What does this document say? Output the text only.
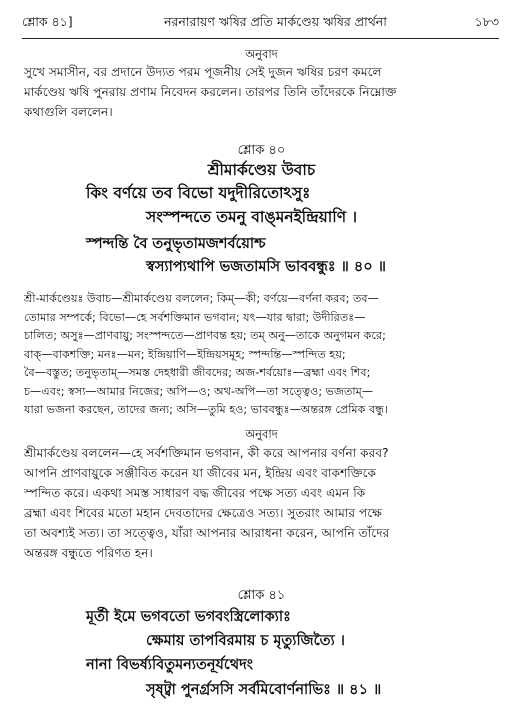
শ্লোক ৪১]	নরনারায়ণ ঋষির প্রতি মার্কণ্ডেয় ঋষির প্রার্থনা	১৮৩
অনুবাদ
সুখে সমাসীন, বর প্রদানে উদ্যত পরম পূজনীয় সেই দুজন ঋষির চরণ কমলে
মার্কণ্ডেয় ঋষি পুনরায় প্রণাম নিবেদন করলেন। তারপর তিনি তাঁদেরকে নিম্নোক্ত
কথাগুলি বললেন।
শ্লোক ৪০
শ্রীমার্কণ্ডেয় উবাচ
কিং বর্ণয়ে তব বিভো যদুদীরিতোঽসুঃ
সংস্পন্দতে তমনু বাঙ্‌মনইন্দ্রিয়াণি ।
স্পন্দন্তি বৈ তনুভৃতামজশর্বয়োশ্চ
স্বস্যাপ্যথাপি ভজতামসি ভাববন্ধুঃ ॥ ৪০ ॥
শ্রী-মার্কণ্ডেয়ঃ উবাচ—শ্রীমার্কণ্ডেয় বললেন; কিম্—কী; বর্ণয়ে—বর্ণনা করব; তব—
তোমার সম্পর্কে; বিভো—হে সর্বশক্তিমান ভগবান; যৎ—যার দ্বারা; উদীরিতঃ—
চালিত; অসুঃ—প্রাণবায়ু; সংস্পন্দতে—প্রাণবন্ত হয়; তম্ অনু—তাকে অনুগমন করে;
বাক্—বাকশক্তি; মনঃ—মন; ইন্দ্রিয়াণি—ইন্দ্রিয়সমূহ; স্পন্দন্তি—স্পন্দিত হয়;
বৈ—বস্তুত; তনুভৃতাম্—সমস্ত দেহধারী জীবদের; অজ-শর্বয়োঃ—ব্রহ্মা এবং শিব;
চ—এবং; স্বস্য—আমার নিজের; অপি—ও; অথ-অপি—তা সত্ত্বেও; ভজতাম্—
যারা ভজনা করছেন, তাদের জন্য; অসি—তুমি হও; ভাববন্ধুঃ—অন্তরঙ্গ প্রেমিক বন্ধু।
অনুবাদ
শ্রীমার্কণ্ডেয় বললেন—হে সর্বশক্তিমান ভগবান, কী করে আপনার বর্ণনা করব?
আপনি প্রাণবায়ুকে সঞ্জীবিত করেন যা জীবের মন, ইন্দ্রিয় এবং বাকশক্তিকে
স্পন্দিত করে। একথা সমস্ত সাধারণ বদ্ধ জীবের পক্ষে সত্য এবং এমন কি
ব্রহ্মা এবং শিবের মতো মহান দেবতাদের ক্ষেত্রেও সত্য। সুতরাং আমার পক্ষে
তা অবশ্যই সত্য। তা সত্ত্বেও, যাঁরা আপনার আরাধনা করেন, আপনি তাঁদের
অন্তরঙ্গ বন্ধুতে পরিণত হন।
শ্লোক ৪১
মূর্তী ইমে ভগবতো ভগবংস্ত্রিলোক্যাঃ
ক্ষেমায় তাপবিরমায় চ মৃত্যুজিত্যৈ ।
নানা বিভর্ষ্যবিতুমন্যতনূর্যথেদং
সৃষ্ট্বা পুনর্গ্রসসি সর্বমিবোর্ণনাভিঃ ॥ ৪১ ॥
